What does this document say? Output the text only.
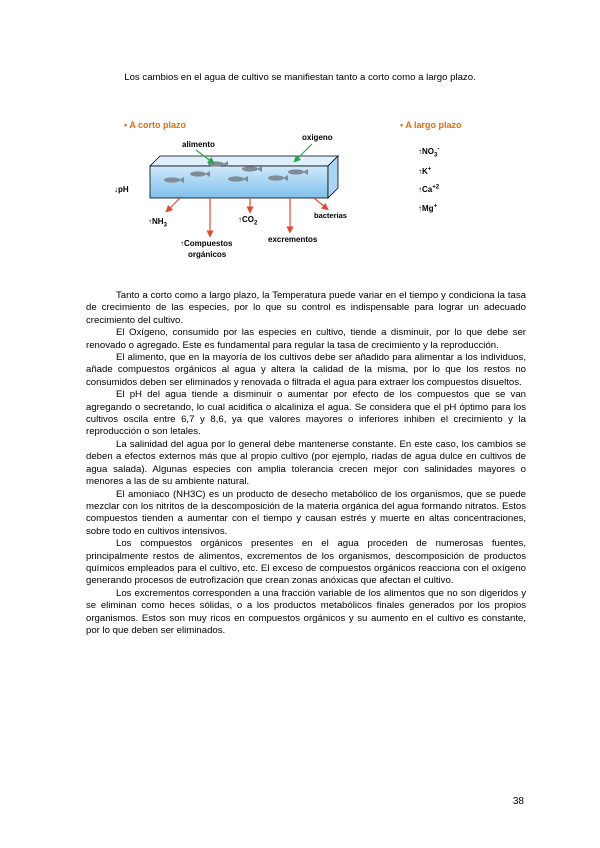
Los cambios en el agua de cultivo se manifiestan tanto a corto como a largo plazo.
• A corto plazo	• A largo plazo
alimento
oxigeno
↓pH
$↑NH_3$
↑Compuestos
orgánicos
$↑CO_2$
excrementos
bacterias
$↑NO_3^-$
↑K+
$↑Ca^{+2}$
↑Mg+

Tanto a corto como a largo plazo, la Temperatura puede variar en el tiempo y condiciona la tasa de crecimiento de las especies, por lo que su control es indispensable para lograr un adecuado crecimiento del cultivo.

El Oxígeno, consumido por las especies en cultivo, tiende a disminuir, por lo que debe ser renovado o agregado. Este es fundamental para regular la tasa de crecimiento y la reproducción.

El alimento, que en la mayoría de los cultivos debe ser añadido para alimentar a los individuos, añade compuestos orgánicos al agua y altera la calidad de la misma, por lo que los restos no consumidos deben ser eliminados y renovada o filtrada el agua para extraer los compuestos disueltos.

El pH del agua tiende a disminuir o aumentar por efecto de los compuestos que se van agregando o secretando, lo cual acidifica o alcaliniza el agua. Se considera que el pH óptimo para los cultivos oscila entre 6,7 y 8,6, ya que valores mayores o inferiores inhiben el crecimiento y la reproducción o son letales.

La salinidad del agua por lo general debe mantenerse constante. En este caso, los cambios se deben a efectos externos más que al propio cultivo (por ejemplo, riadas de agua dulce en cultivos de agua salada). Algunas especies con amplia tolerancia crecen mejor con salinidades mayores o menores a las de su ambiente natural.

El amoniaco (NH3C) es un producto de desecho metabólico de los organismos, que se puede mezclar con los nitritos de la descomposición de la materia orgánica del agua formando nitratos. Estos compuestos tienden a aumentar con el tiempo y causan estrés y muerte en altas concentraciones, sobre todo en cultivos intensivos.

Los compuestos orgánicos presentes en el agua proceden de numerosas fuentes, principalmente restos de alimentos, excrementos de los organismos, descomposición de productos químicos empleados para el cultivo, etc. El exceso de compuestos orgánicos reacciona con el oxígeno generando procesos de eutrofización que crean zonas anóxicas que afectan el cultivo.

Los excrementos corresponden a una fracción variable de los alimentos que no son digeridos y se eliminan como heces sólidas, o a los productos metabólicos finales generados por los propios organismos. Estos son muy ricos en compuestos orgánicos y su aumento en el cultivo es constante, por lo que deben ser eliminados.

38
